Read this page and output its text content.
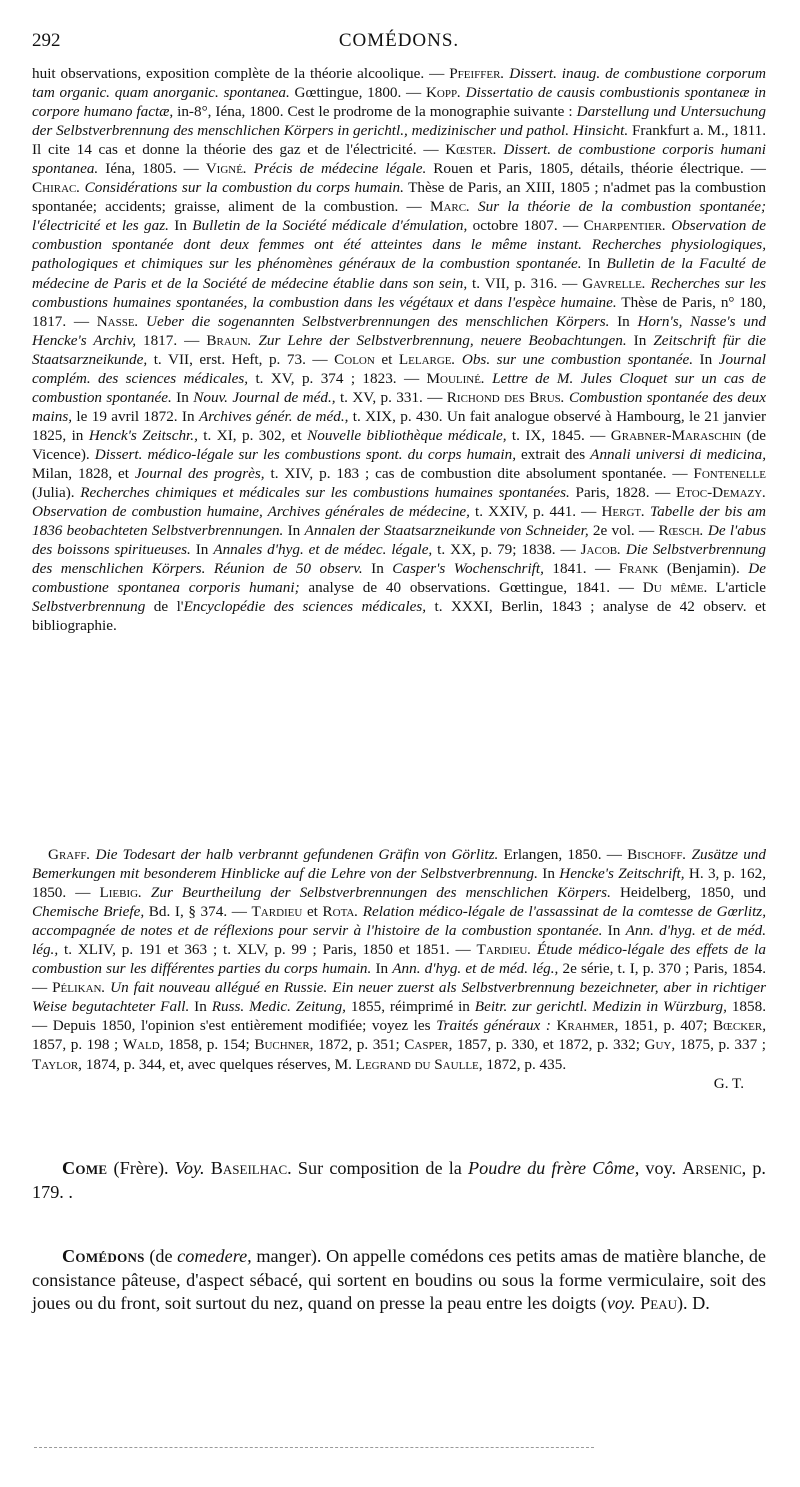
292	COMÉDONS.
huit observations, exposition complète de la théorie alcoolique. — Pfeiffer. Dissert. inaug. de combustione corporum tam organic. quam anorganic. spontanea. Gœttingue, 1800. — Kopp. Dissertatio de causis combustionis spontaneæ in corpore humano factæ, in-8°, Iéna, 1800. Cest le prodrome de la monographie suivante : Darstellung und Untersuchung der Selbstverbrennung des menschlichen Körpers in gerichtl., medizinischer und pathol. Hinsicht. Frankfurt a. M., 1811. Il cite 14 cas et donne la théorie des gaz et de l'électricité. — Kœster. Dissert. de combustione corporis humani spontanea. Iéna, 1805. — Vigné. Précis de médecine légale. Rouen et Paris, 1805, détails, théorie électrique. — Chirac. Considérations sur la combustion du corps humain. Thèse de Paris, an XIII, 1805 ; n'admet pas la combustion spontanée; accidents; graisse, aliment de la combustion. — Marc. Sur la théorie de la combustion spontanée; l'électricité et les gaz. In Bulletin de la Société médicale d'émulation, octobre 1807. — Charpentier. Observation de combustion spontanée dont deux femmes ont été atteintes dans le même instant. Recherches physiologiques, pathologiques et chimiques sur les phénomènes généraux de la combustion spontanée. In Bulletin de la Faculté de médecine de Paris et de la Société de médecine établie dans son sein, t. VII, p. 316. — Gavrelle. Recherches sur les combustions humaines spontanées, la combustion dans les végétaux et dans l'espèce humaine. Thèse de Paris, n° 180, 1817. — Nasse. Ueber die sogenannten Selbstverbrennungen des menschlichen Körpers. In Horn's, Nasse's und Hencke's Archiv, 1817. — Braun. Zur Lehre der Selbstverbrennung, neuere Beobachtungen. In Zeitschrift für die Staatsarzneikunde, t. VII, erst. Heft, p. 73. — Colon et Lelarge. Obs. sur une combustion spontanée. In Journal complém. des sciences médicales, t. XV, p. 374 ; 1823. — Mouliné. Lettre de M. Jules Cloquet sur un cas de combustion spontanée. In Nouv. Journal de méd., t. XV, p. 331. — Richond des Brus. Combustion spontanée des deux mains, le 19 avril 1872. In Archives génér. de méd., t. XIX, p. 430. Un fait analogue observé à Hambourg, le 21 janvier 1825, in Henck's Zeitschr., t. XI, p. 302, et Nouvelle bibliothèque médicale, t. IX, 1845. — Grabner-Maraschin (de Vicence). Dissert. médico-légale sur les combustions spont. du corps humain, extrait des Annali universi di medicina, Milan, 1828, et Journal des progrès, t. XIV, p. 183 ; cas de combustion dite absolument spontanée. — Fontenelle (Julia). Recherches chimiques et médicales sur les combustions humaines spontanées. Paris, 1828. — Etoc-Demazy. Observation de combustion humaine, Archives générales de médecine, t. XXIV, p. 441. — Hergt. Tabelle der bis am 1836 beobachteten Selbstverbrennungen. In Annalen der Staatsarzneikunde von Schneider, 2e vol. — Rœsch. De l'abus des boissons spiritueuses. In Annales d'hyg. et de médec. légale, t. XX, p. 79; 1838. — Jacob. Die Selbstverbrennung des menschlichen Körpers. Réunion de 50 observ. In Casper's Wochenschrift, 1841. — Frank (Benjamin). De combustione spontanea corporis humani; analyse de 40 observations. Gœttingue, 1841. — Du même. L'article Selbstverbrennung de l'Encyclopédie des sciences médicales, t. XXXI, Berlin, 1843 ; analyse de 42 observ. et bibliographie.
Graff. Die Todesart der halb verbrannt gefundenen Gräfin von Görlitz. Erlangen, 1850. — Bischoff. Zusätze und Bemerkungen mit besonderem Hinblicke auf die Lehre von der Selbstverbrennung. In Hencke's Zeitschrift, H. 3, p. 162, 1850. — Liebig. Zur Beurtheilung der Selbstverbrennungen des menschlichen Körpers. Heidelberg, 1850, und Chemische Briefe, Bd. I, § 374. — Tardieu et Rota. Relation médico-légale de l'assassinat de la comtesse de Gœrlitz, accompagnée de notes et de réflexions pour servir à l'histoire de la combustion spontanée. In Ann. d'hyg. et de méd. lég., t. XLIV, p. 191 et 363 ; t. XLV, p. 99 ; Paris, 1850 et 1851. — Tardieu. Étude médico-légale des effets de la combustion sur les différentes parties du corps humain. In Ann. d'hyg. et de méd. lég., 2e série, t. I, p. 370 ; Paris, 1854. — Pélikan. Un fait nouveau allégué en Russie. Ein neuer zuerst als Selbstverbrennung bezeichneter, aber in richtiger Weise begutachteter Fall. In Russ. Medic. Zeitung, 1855, réimprimé in Beitr. zur gerichtl. Medizin in Würzburg, 1858. — Depuis 1850, l'opinion s'est entièrement modifiée; voyez les Traités généraux : Krahmer, 1851, p. 407; Bœcker, 1857, p. 198 ; Wald, 1858, p. 154; Buchner, 1872, p. 351; Casper, 1857, p. 330, et 1872, p. 332; Guy, 1875, p. 337 ; Taylor, 1874, p. 344, et, avec quelques réserves, M. Legrand du Saulle, 1872, p. 435.
G. T.
Come (Frère). Voy. Baseilhac. Sur composition de la Poudre du frère Côme, voy. Arsenic, p. 179. .
Comédons (de comedere, manger). On appelle comédons ces petits amas de matière blanche, de consistance pâteuse, d'aspect sébacé, qui sortent en boudins ou sous la forme vermiculaire, soit des joues ou du front, soit surtout du nez, quand on presse la peau entre les doigts (voy. Peau). D.
